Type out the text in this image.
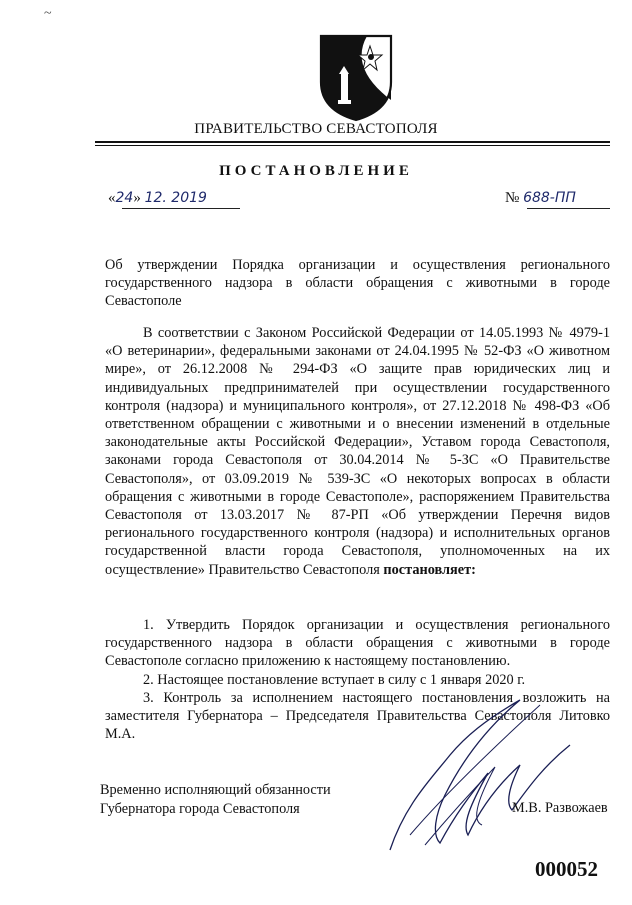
~
ПРАВИТЕЛЬСТВО СЕВАСТОПОЛЯ
ПОСТАНОВЛЕНИЕ
«24» 12. 2019	№ 688-ПП
Об утверждении Порядка организации и осуществления регионального государственного надзора в области обращения с животными в городе Севастополе

В соответствии с Законом Российской Федерации от 14.05.1993 № 4979-1 «О ветеринарии», федеральными законами от 24.04.1995 № 52-ФЗ «О животном мире», от 26.12.2008 № 294-ФЗ «О защите прав юридических лиц и индивидуальных предпринимателей при осуществлении государственного контроля (надзора) и муниципального контроля», от 27.12.2018 № 498-ФЗ «Об ответственном обращении с животными и о внесении изменений в отдельные законодательные акты Российской Федерации», Уставом города Севастополя, законами города Севастополя от 30.04.2014 № 5-ЗС «О Правительстве Севастополя», от 03.09.2019 № 539-ЗС «О некоторых вопросах в области обращения с животными в городе Севастополе», распоряжением Правительства Севастополя от 13.03.2017 № 87-РП «Об утверждении Перечня видов регионального государственного контроля (надзора) и исполнительных органов государственной власти города Севастополя, уполномоченных на их осуществление» Правительство Севастополя постановляет:

1. Утвердить Порядок организации и осуществления регионального государственного надзора в области обращения с животными в городе Севастополе согласно приложению к настоящему постановлению.

2. Настоящее постановление вступает в силу с 1 января 2020 г.

3. Контроль за исполнением настоящего постановления возложить на заместителя Губернатора – Председателя Правительства Севастополя Литовко М.А.

Временно исполняющий обязанности
Губернатора города Севастополя	М.В. Развожаев
000052
